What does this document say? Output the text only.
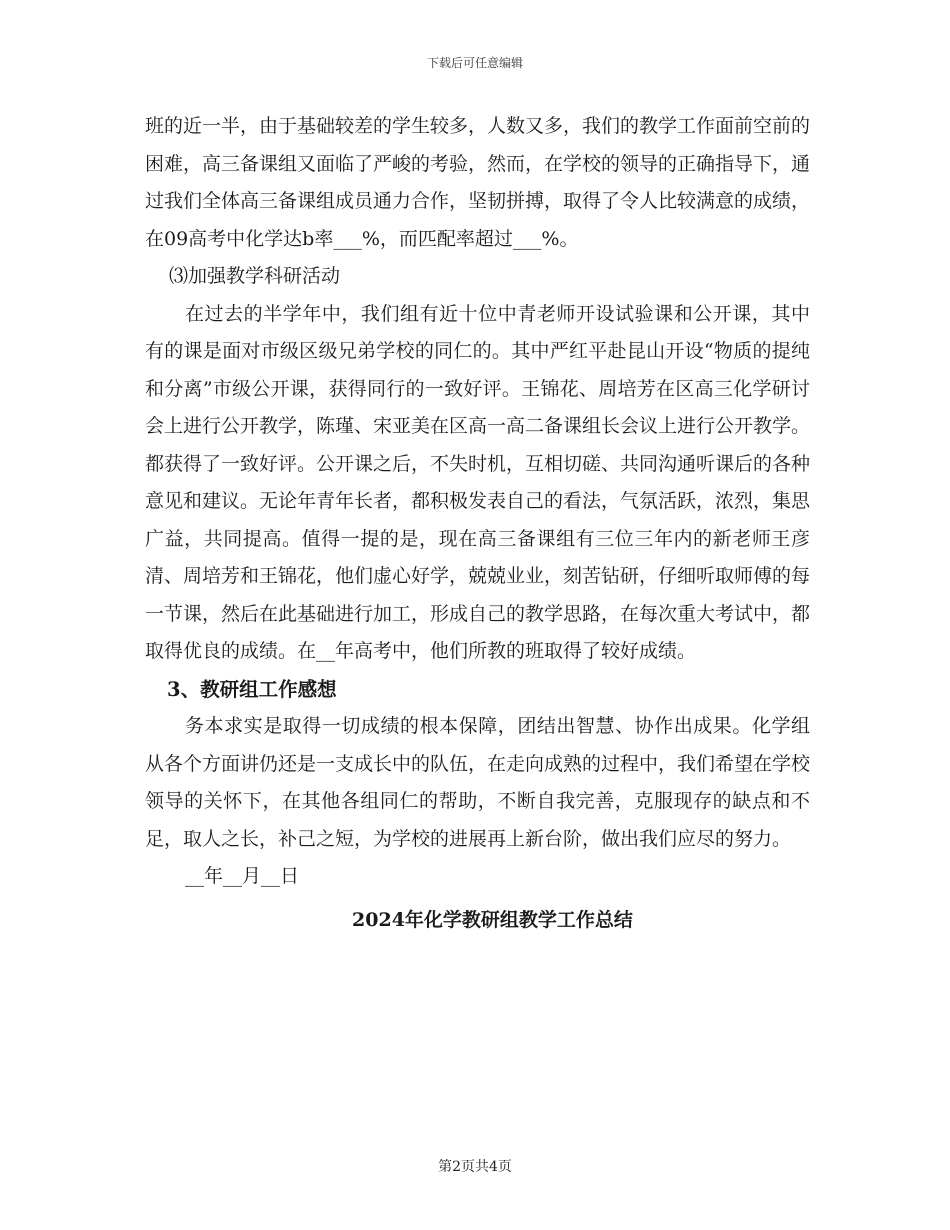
下载后可任意编辑

班的近一半，由于基础较差的学生较多，人数又多，我们的教学工作面前空前的困难，高三备课组又面临了严峻的考验，然而，在学校的领导的正确指导下，通过我们全体高三备课组成员通力合作，坚韧拼搏，取得了令人比较满意的成绩，在09高考中化学达b率___%，而匹配率超过___%。

⑶加强教学科研活动

在过去的半学年中，我们组有近十位中青老师开设试验课和公开课，其中有的课是面对市级区级兄弟学校的同仁的。其中严红平赴昆山开设“物质的提纯和分离”市级公开课，获得同行的一致好评。王锦花、周培芳在区高三化学研讨会上进行公开教学，陈瑾、宋亚美在区高一高二备课组长会议上进行公开教学。都获得了一致好评。公开课之后，不失时机，互相切磋、共同沟通听课后的各种意见和建议。无论年青年长者，都积极发表自己的看法，气氛活跃，浓烈，集思广益，共同提高。值得一提的是，现在高三备课组有三位三年内的新老师王彦清、周培芳和王锦花，他们虚心好学，兢兢业业，刻苦钻研，仔细听取师傅的每一节课，然后在此基础进行加工，形成自己的教学思路，在每次重大考试中，都取得优良的成绩。在__年高考中，他们所教的班取得了较好成绩。

3、教研组工作感想

务本求实是取得一切成绩的根本保障，团结出智慧、协作出成果。化学组从各个方面讲仍还是一支成长中的队伍，在走向成熟的过程中，我们希望在学校领导的关怀下，在其他各组同仁的帮助，不断自我完善，克服现存的缺点和不足，取人之长，补己之短，为学校的进展再上新台阶，做出我们应尽的努力。

__年__月__日

2024年化学教研组教学工作总结

第2页共4页
